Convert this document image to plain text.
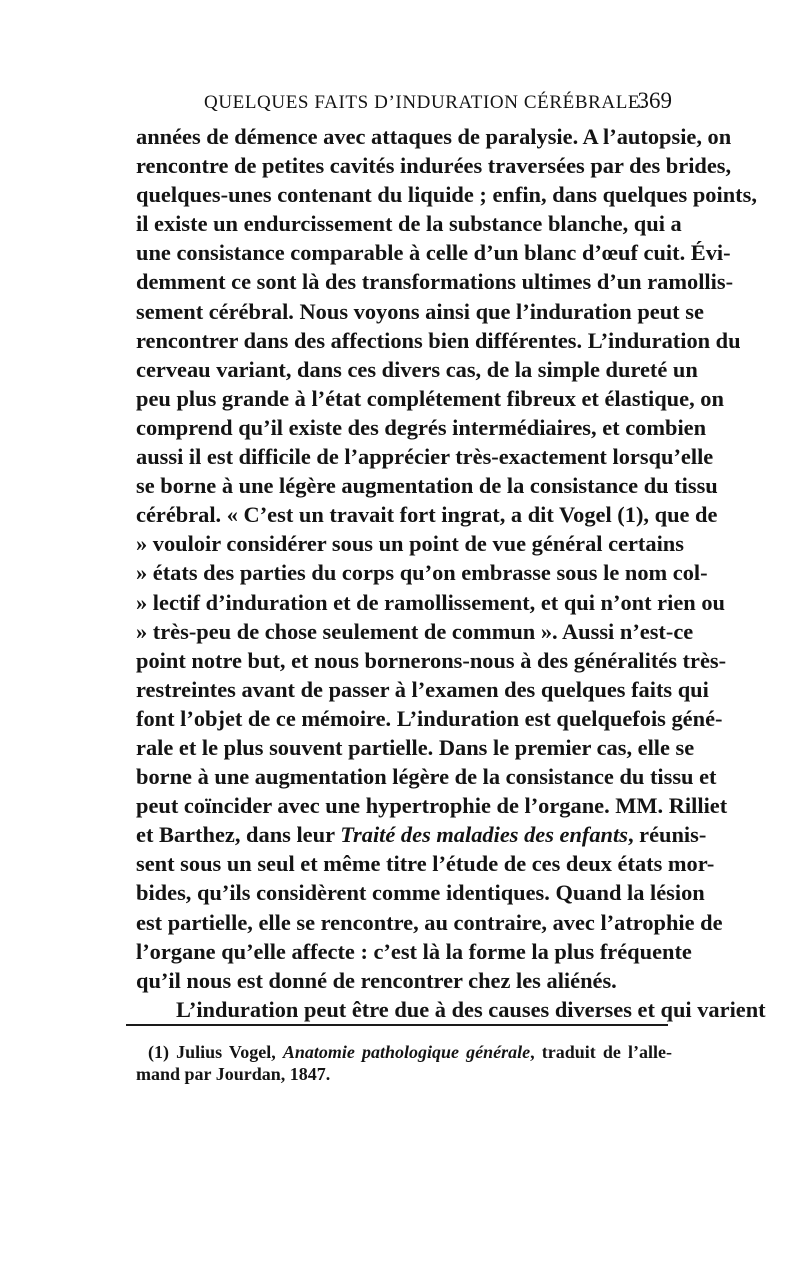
QUELQUES FAITS D’INDURATION CÉRÉBRALE.
369

années de démence avec attaques de paralysie. A l’autopsie, on
rencontre de petites cavités indurées traversées par des brides,
quelques-unes contenant du liquide ; enfin, dans quelques points,
il existe un endurcissement de la substance blanche, qui a
une consistance comparable à celle d’un blanc d’œuf cuit. Évi-
demment ce sont là des transformations ultimes d’un ramollis-
sement cérébral. Nous voyons ainsi que l’induration peut se
rencontrer dans des affections bien différentes. L’induration du
cerveau variant, dans ces divers cas, de la simple dureté un
peu plus grande à l’état complétement fibreux et élastique, on
comprend qu’il existe des degrés intermédiaires, et combien
aussi il est difficile de l’apprécier très-exactement lorsqu’elle
se borne à une légère augmentation de la consistance du tissu
cérébral. « C’est un travait fort ingrat, a dit Vogel (1), que de
» vouloir considérer sous un point de vue général certains
» états des parties du corps qu’on embrasse sous le nom col-
» lectif d’induration et de ramollissement, et qui n’ont rien ou
» très-peu de chose seulement de commun ». Aussi n’est-ce
point notre but, et nous bornerons-nous à des généralités très-
restreintes avant de passer à l’examen des quelques faits qui
font l’objet de ce mémoire. L’induration est quelquefois géné-
rale et le plus souvent partielle. Dans le premier cas, elle se
borne à une augmentation légère de la consistance du tissu et
peut coïncider avec une hypertrophie de l’organe. MM. Rilliet
et Barthez, dans leur Traité des maladies des enfants, réunis-
sent sous un seul et même titre l’étude de ces deux états mor-
bides, qu’ils considèrent comme identiques. Quand la lésion
est partielle, elle se rencontre, au contraire, avec l’atrophie de
l’organe qu’elle affecte : c’est là la forme la plus fréquente
qu’il nous est donné de rencontrer chez les aliénés.

L’induration peut être due à des causes diverses et qui varient

(1) Julius Vogel, Anatomie pathologique générale, traduit de l’alle-
mand par Jourdan, 1847.
